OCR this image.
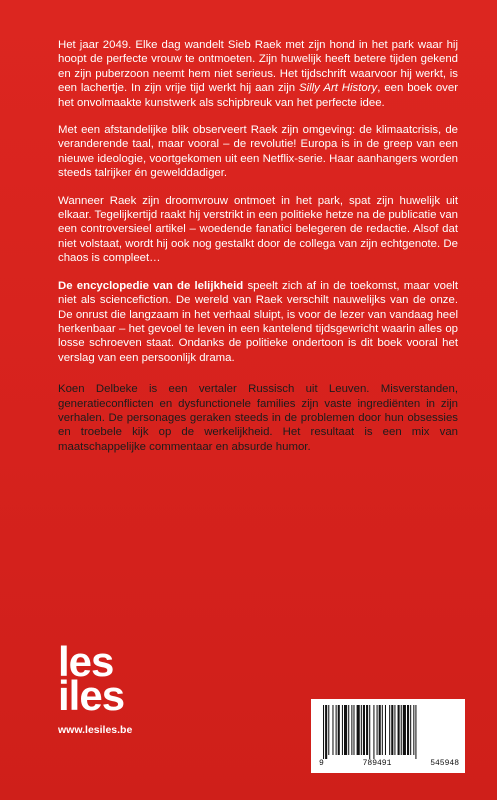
Het jaar 2049. Elke dag wandelt Sieb Raek met zijn hond in het park waar hij hoopt de perfecte vrouw te ontmoeten. Zijn huwelijk heeft betere tijden gekend en zijn puberzoon neemt hem niet serieus. Het tijdschrift waarvoor hij werkt, is een lachertje. In zijn vrije tijd werkt hij aan zijn Silly Art History, een boek over het onvolmaakte kunstwerk als schipbreuk van het perfecte idee.

Met een afstandelijke blik observeert Raek zijn omgeving: de klimaatcrisis, de veranderende taal, maar vooral – de revolutie! Europa is in de greep van een nieuwe ideologie, voortgekomen uit een Netflix-serie. Haar aanhangers worden steeds talrijker én gewelddadiger.

Wanneer Raek zijn droomvrouw ontmoet in het park, spat zijn huwelijk uit elkaar. Tegelijkertijd raakt hij verstrikt in een politieke hetze na de publicatie van een controversieel artikel – woedende fanatici belegeren de redactie. Alsof dat niet volstaat, wordt hij ook nog gestalkt door de collega van zijn echtgenote. De chaos is compleet…

De encyclopedie van de lelijkheid speelt zich af in de toekomst, maar voelt niet als sciencefiction. De wereld van Raek verschilt nauwelijks van de onze. De onrust die langzaam in het verhaal sluipt, is voor de lezer van vandaag heel herkenbaar – het gevoel te leven in een kantelend tijdsgewricht waarin alles op losse schroeven staat. Ondanks de politieke ondertoon is dit boek vooral het verslag van een persoonlijk drama.

Koen Delbeke is een vertaler Russisch uit Leuven. Misverstanden, generatieconflicten en dysfunctionele families zijn vaste ingrediënten in zijn verhalen. De personages geraken steeds in de problemen door hun obsessies en troebele kijk op de werkelijkheid. Het resultaat is een mix van maatschappelijke commentaar en absurde humor.

les
iles
www.lesiles.be
9	789491	545948
